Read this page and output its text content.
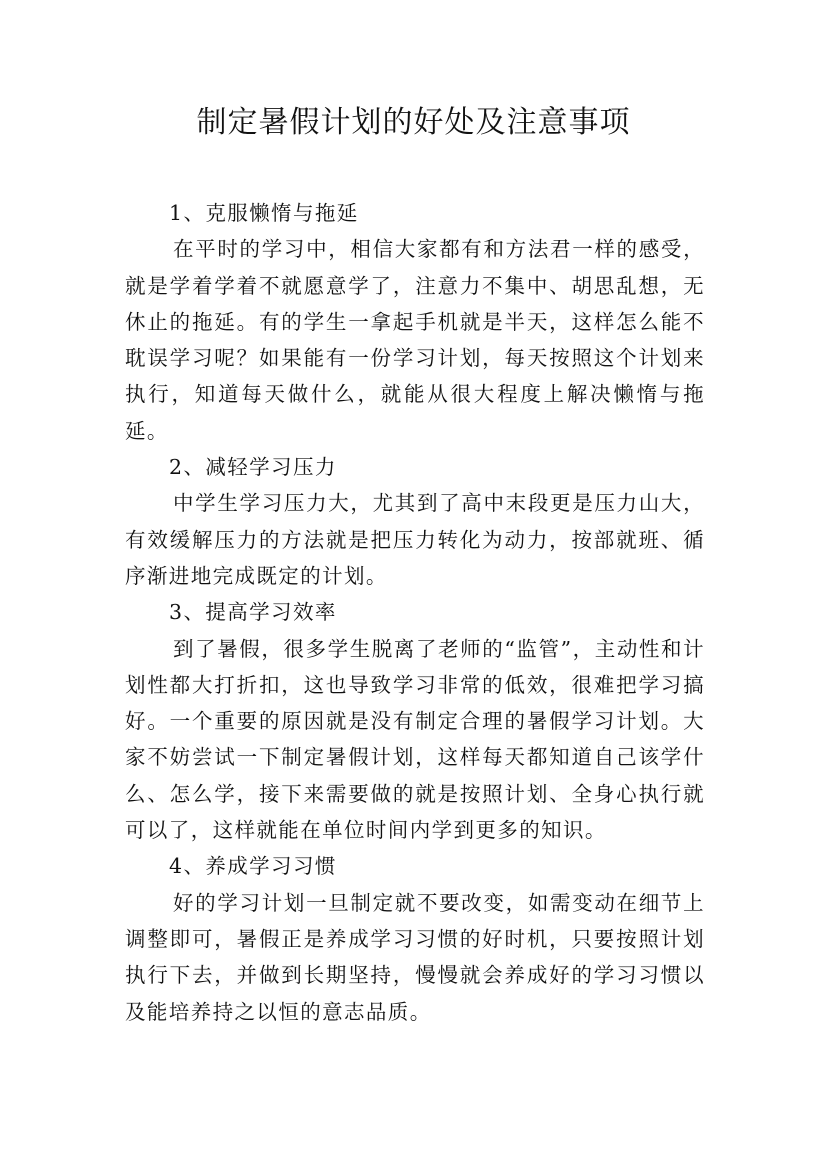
制定暑假计划的好处及注意事项

1、克服懒惰与拖延

在平时的学习中，相信大家都有和方法君一样的感受，就是学着学着不就愿意学了，注意力不集中、胡思乱想，无休止的拖延。有的学生一拿起手机就是半天，这样怎么能不耽误学习呢？如果能有一份学习计划，每天按照这个计划来执行，知道每天做什么，就能从很大程度上解决懒惰与拖延。

2、减轻学习压力

中学生学习压力大，尤其到了高中末段更是压力山大，有效缓解压力的方法就是把压力转化为动力，按部就班、循序渐进地完成既定的计划。

3、提高学习效率

到了暑假，很多学生脱离了老师的“监管”，主动性和计划性都大打折扣，这也导致学习非常的低效，很难把学习搞好。一个重要的原因就是没有制定合理的暑假学习计划。大家不妨尝试一下制定暑假计划，这样每天都知道自己该学什么、怎么学，接下来需要做的就是按照计划、全身心执行就可以了，这样就能在单位时间内学到更多的知识。

4、养成学习习惯

好的学习计划一旦制定就不要改变，如需变动在细节上调整即可，暑假正是养成学习习惯的好时机，只要按照计划执行下去，并做到长期坚持，慢慢就会养成好的学习习惯以及能培养持之以恒的意志品质。
